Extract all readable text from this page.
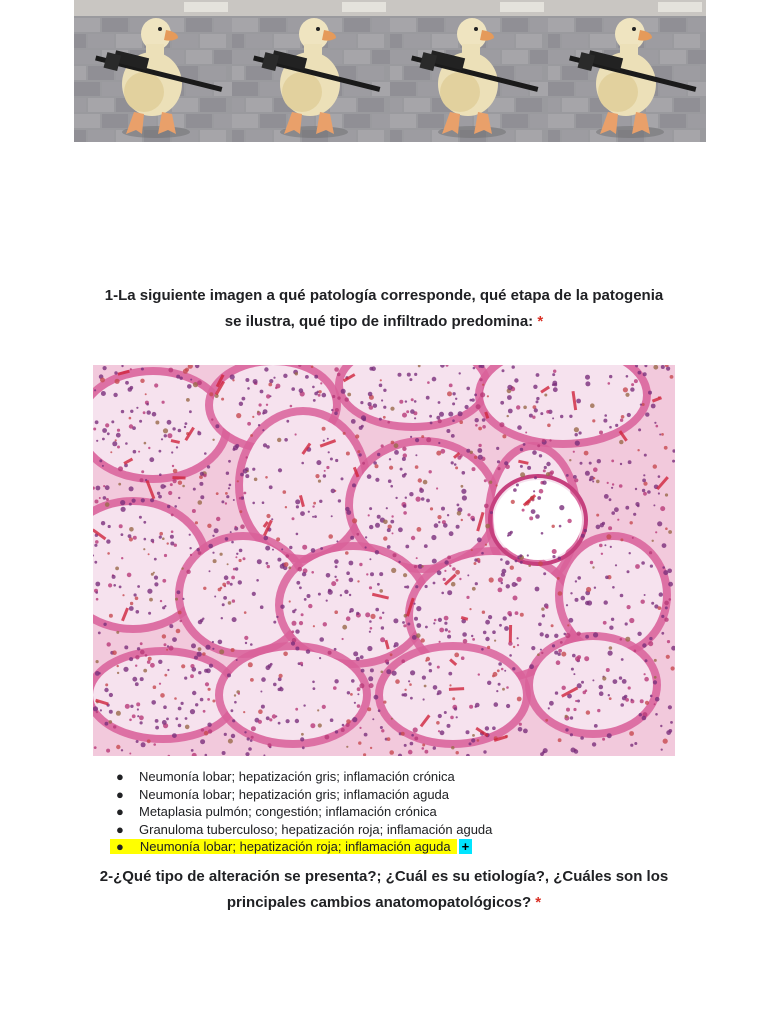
1-La siguiente imagen a qué patología corresponde, qué etapa de la patogenia se ilustra, qué tipo de infiltrado predomina: *
● Neumonía lobar; hepatización gris; inflamación crónica
● Neumonía lobar; hepatización gris; inflamación aguda
● Metaplasia pulmón; congestión; inflamación crónica
● Granuloma tuberculoso; hepatización roja; inflamación aguda
● Neumonía lobar; hepatización roja; inflamación aguda +
2-¿Qué tipo de alteración se presenta?; ¿Cuál es su etiología?, ¿Cuáles son los principales cambios anatomopatológicos? *
